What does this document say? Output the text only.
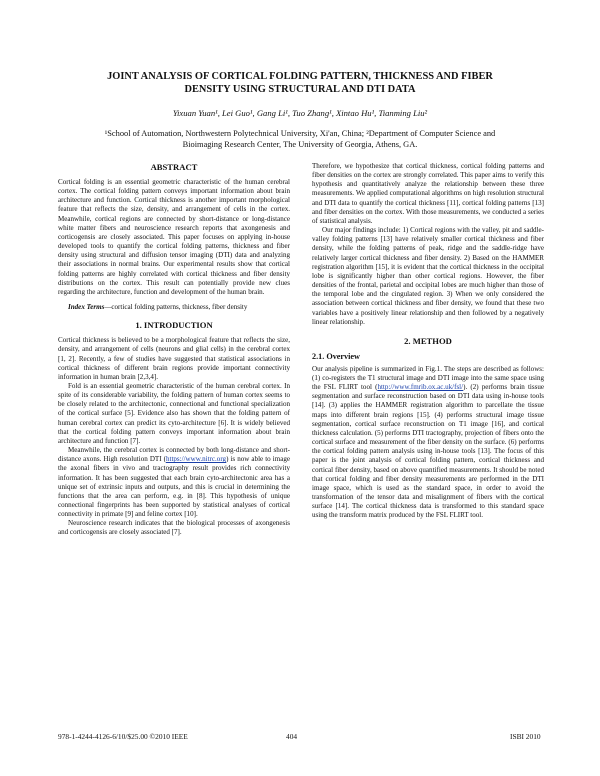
JOINT ANALYSIS OF CORTICAL FOLDING PATTERN, THICKNESS AND FIBER
DENSITY USING STRUCTURAL AND DTI DATA
Yixuan Yuan¹, Lei Guo¹, Gang Li¹, Tuo Zhang¹, Xintao Hu¹, Tianming Liu²
¹School of Automation, Northwestern Polytechnical University, Xi'an, China; ²Department of Computer Science and
Bioimaging Research Center, The University of Georgia, Athens, GA.
ABSTRACT

Cortical folding is an essential geometric characteristic of the human cerebral cortex. The cortical folding pattern conveys important information about brain architecture and function. Cortical thickness is another important morphological feature that reflects the size, density, and arrangement of cells in the cortex. Meanwhile, cortical regions are connected by short-distance or long-distance white matter fibers and neuroscience research reports that axongenesis and corticogensis are closely associated. This paper focuses on applying in-house developed tools to quantify the cortical folding patterns, thickness and fiber density using structural and diffusion tensor imaging (DTI) data and analyzing their associations in normal brains. Our experimental results show that cortical folding patterns are highly correlated with cortical thickness and fiber density distributions on the cortex. This result can potentially provide new clues regarding the architecture, function and development of the human brain.

Index Terms—cortical folding patterns, thickness, fiber density
1. INTRODUCTION

Cortical thickness is believed to be a morphological feature that reflects the size, density, and arrangement of cells (neurons and glial cells) in the cerebral cortex [1, 2]. Recently, a few of studies have suggested that statistical associations in cortical thickness of different brain regions provide important connectivity information in human brain [2,3,4].

Fold is an essential geometric characteristic of the human cerebral cortex. In spite of its considerable variability, the folding pattern of human cortex seems to be closely related to the architectonic, connectional and functional specialization of the cortical surface [5]. Evidence also has shown that the folding pattern of human cerebral cortex can predict its cyto-architecture [6]. It is widely believed that the cortical folding pattern conveys important information about brain architecture and function [7].

Meanwhile, the cerebral cortex is connected by both long-distance and short-distance axons. High resolution DTI (https://www.nitrc.org) is now able to image the axonal fibers in vivo and tractography result provides rich connectivity information. It has been suggested that each brain cyto-architectonic area has a unique set of extrinsic inputs and outputs, and this is crucial in determining the functions that the area can perform, e.g. in [8]. This hypothesis of unique connectional fingerprints has been supported by statistical analyses of cortical connectivity in primate [9] and feline cortex [10].

Neuroscience research indicates that the biological processes of axongenesis and corticogensis are closely associated [7].

Therefore, we hypothesize that cortical thickness, cortical folding patterns and fiber densities on the cortex are strongly correlated. This paper aims to verify this hypothesis and quantitatively analyze the relationship between these three measurements. We applied computational algorithms on high resolution structural and DTI data to quantify the cortical thickness [11], cortical folding patterns [13] and fiber densities on the cortex. With those measurements, we conducted a series of statistical analysis.

Our major findings include: 1) Cortical regions with the valley, pit and saddle-valley folding patterns [13] have relatively smaller cortical thickness and fiber density, while the folding patterns of peak, ridge and the saddle-ridge have relatively larger cortical thickness and fiber density. 2) Based on the HAMMER registration algorithm [15], it is evident that the cortical thickness in the occipital lobe is significantly higher than other cortical regions. However, the fiber densities of the frontal, parietal and occipital lobes are much higher than those of the temporal lobe and the cingulated region. 3) When we only considered the association between cortical thickness and fiber density, we found that these two variables have a positively linear relationship and then followed by a negatively linear relationship.

2. METHOD
2.1. Overview

Our analysis pipeline is summarized in Fig.1. The steps are described as follows: (1) co-registers the T1 structural image and DTI image into the same space using the FSL FLIRT tool (http://www.fmrib.ox.ac.uk/fsl/). (2) performs brain tissue segmentation and surface reconstruction based on DTI data using in-house tools [14]. (3) applies the HAMMER registration algorithm to parcellate the tissue maps into different brain regions [15]. (4) performs structural image tissue segmentation, cortical surface reconstruction on T1 image [16], and cortical thickness calculation. (5) performs DTI tractography, projection of fibers onto the cortical surface and measurement of the fiber density on the surface. (6) performs the cortical folding pattern analysis using in-house tools [13]. The focus of this paper is the joint analysis of cortical folding pattern, cortical thickness and cortical fiber density, based on above quantified measurements. It should be noted that cortical folding and fiber density measurements are performed in the DTI image space, which is used as the standard space, in order to avoid the transformation of the tensor data and misalignment of fibers with the cortical surface [14]. The cortical thickness data is transformed to this standard space using the transform matrix produced by the FSL FLIRT tool.

978-1-4244-4126-6/10/$25.00 ©2010 IEEE	404	ISBI 2010
